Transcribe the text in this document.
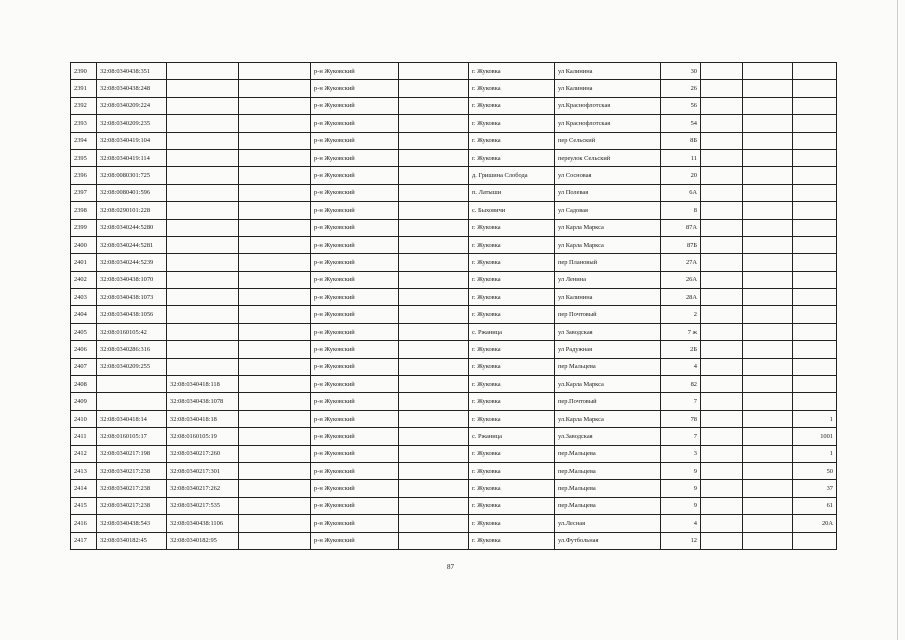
2390	32:08:0340438:351			р-н Жуковский		г. Жуковка	ул Калинина	30			
2391	32:08:0340438:248			р-н Жуковский		г. Жуковка	ул Калинина	26			
2392	32:08:0340209:224			р-н Жуковский		г. Жуковка	ул.Краснофлотская	56			
2393	32:08:0340209:235			р-н Жуковский		г. Жуковка	ул Краснофлотская	54			
2394	32:08:0340419:104			р-н Жуковский		г. Жуковка	пер Сельский	8Б			
2395	32:08:0340419:114			р-н Жуковский		г. Жуковка	переулок Сельский	11			
2396	32:08:0080301:725			р-н Жуковский		д. Гришина Слобода	ул Сосновая	20			
2397	32:08:0080401:596			р-н Жуковский		п. Латыши	ул Полевая	6А			
2398	32:08:0290101:228			р-н Жуковский		с. Быховичи	ул Садовая	8			
2399	32:08:0340244:5280			р-н Жуковский		г. Жуковка	ул Карла Маркса	87А			
2400	32:08:0340244:5281			р-н Жуковский		г. Жуковка	ул Карла Маркса	87Б			
2401	32:08:0340244:5239			р-н Жуковский		г. Жуковка	пер Плановый	27А			
2402	32:08:0340438:1070			р-н Жуковский		г. Жуковка	ул Ленина	26А			
2403	32:08:0340438:1073			р-н Жуковский		г. Жуковка	ул Калинина	28А			
2404	32:08:0340438:1056			р-н Жуковский		г. Жуковка	пер Почтовый	2			
2405	32:08:0160105:42			р-н Жуковский		с. Ржаница	ул Заводская	7 ж			
2406	32:08:0340286:316			р-н Жуковский		г. Жуковка	ул Радужная	2Б			
2407	32:08:0340209:255			р-н Жуковский		г. Жуковка	пер Мальцева	4			
2408		32:08:0340418:118		р-н Жуковский		г. Жуковка	ул.Карла Маркса	82			
2409		32:08:0340438:1078		р-н Жуковский		г. Жуковка	пер.Почтовый	7			
2410	32:08:0340418:14	32:08:0340418:18		р-н Жуковский		г. Жуковка	ул.Карла Маркса	78			1
2411	32:08:0160105:17	32:08:0160105:19		р-н Жуковский		с. Ржаница	ул.Заводская	7			1001
2412	32:08:0340217:198	32:08:0340217:260		р-н Жуковский		г. Жуковка	пер.Мальцева	3			1
2413	32:08:0340217:238	32:08:0340217:301		р-н Жуковский		г. Жуковка	пер.Мальцева	9			50
2414	32:08:0340217:238	32:08:0340217:262		р-н Жуковский		г. Жуковка	пер.Мальцева	9			37
2415	32:08:0340217:238	32:08:0340217:535		р-н Жуковский		г. Жуковка	пер.Мальцева	9			61
2416	32:08:0340438:543	32:08:0340438:1106		р-н Жуковский		г. Жуковка	ул.Лесная	4			20А
2417	32:08:0340182:45	32:08:0340182:95		р-н Жуковский		г. Жуковка	ул.Футбольная	12			
87
